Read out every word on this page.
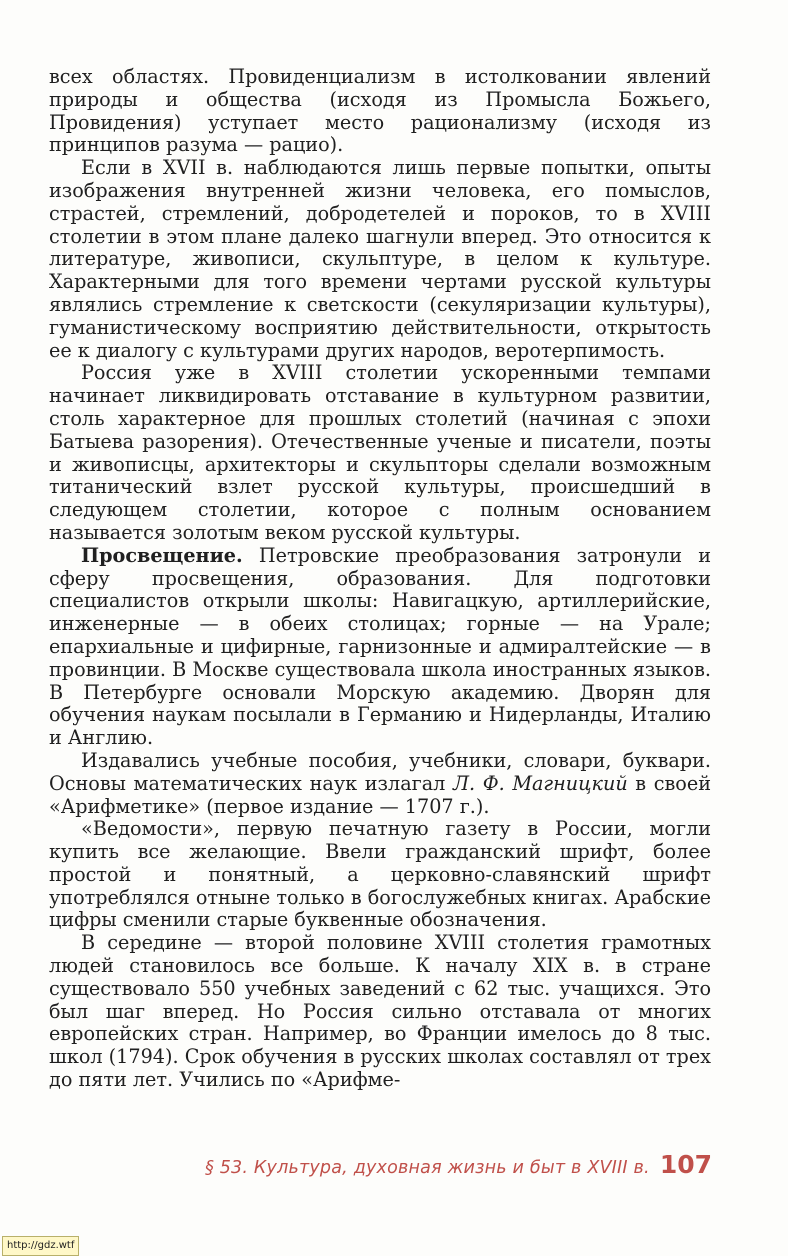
всех областях. Провиденциализм в истолковании явлений природы и общества (исходя из Промысла Божьего, Провидения) уступает место рационализму (исходя из принципов разума — рацио).

Если в XVII в. наблюдаются лишь первые попытки, опыты изображения внутренней жизни человека, его помыслов, страстей, стремлений, добродетелей и пороков, то в XVIII столетии в этом плане далеко шагнули вперед. Это относится к литературе, живописи, скульптуре, в целом к культуре. Характерными для того времени чертами русской культуры являлись стремление к светскости (секуляризации культуры), гуманистическому восприятию действительности, открытость ее к диалогу с культурами других народов, веротерпимость.

Россия уже в XVIII столетии ускоренными темпами начинает ликвидировать отставание в культурном развитии, столь характерное для прошлых столетий (начиная с эпохи Батыева разорения). Отечественные ученые и писатели, поэты и живописцы, архитекторы и скульпторы сделали возможным титанический взлет русской культуры, происшедший в следующем столетии, которое с полным основанием называется золотым веком русской культуры.

Просвещение. Петровские преобразования затронули и сферу просвещения, образования. Для подготовки специалистов открыли школы: Навигацкую, артиллерийские, инженерные — в обеих столицах; горные — на Урале; епархиальные и цифирные, гарнизонные и адмиралтейские — в провинции. В Москве существовала школа иностранных языков. В Петербурге основали Морскую академию. Дворян для обучения наукам посылали в Германию и Нидерланды, Италию и Англию.

Издавались учебные пособия, учебники, словари, буквари. Основы математических наук излагал Л. Ф. Магницкий в своей «Арифметике» (первое издание — 1707 г.).

«Ведомости», первую печатную газету в России, могли купить все желающие. Ввели гражданский шрифт, более простой и понятный, а церковно-славянский шрифт употреблялся отныне только в богослужебных книгах. Арабские цифры сменили старые буквенные обозначения.

В середине — второй половине XVIII столетия грамотных людей становилось все больше. К началу XIX в. в стране существовало 550 учебных заведений с 62 тыс. учащихся. Это был шаг вперед. Но Россия сильно отставала от многих европейских стран. Например, во Франции имелось до 8 тыс. школ (1794). Срок обучения в русских школах составлял от трех до пяти лет. Учились по «Арифме-

§ 53. Культура, духовная жизнь и быт в XVIII в. 107
http://gdz.wtf
